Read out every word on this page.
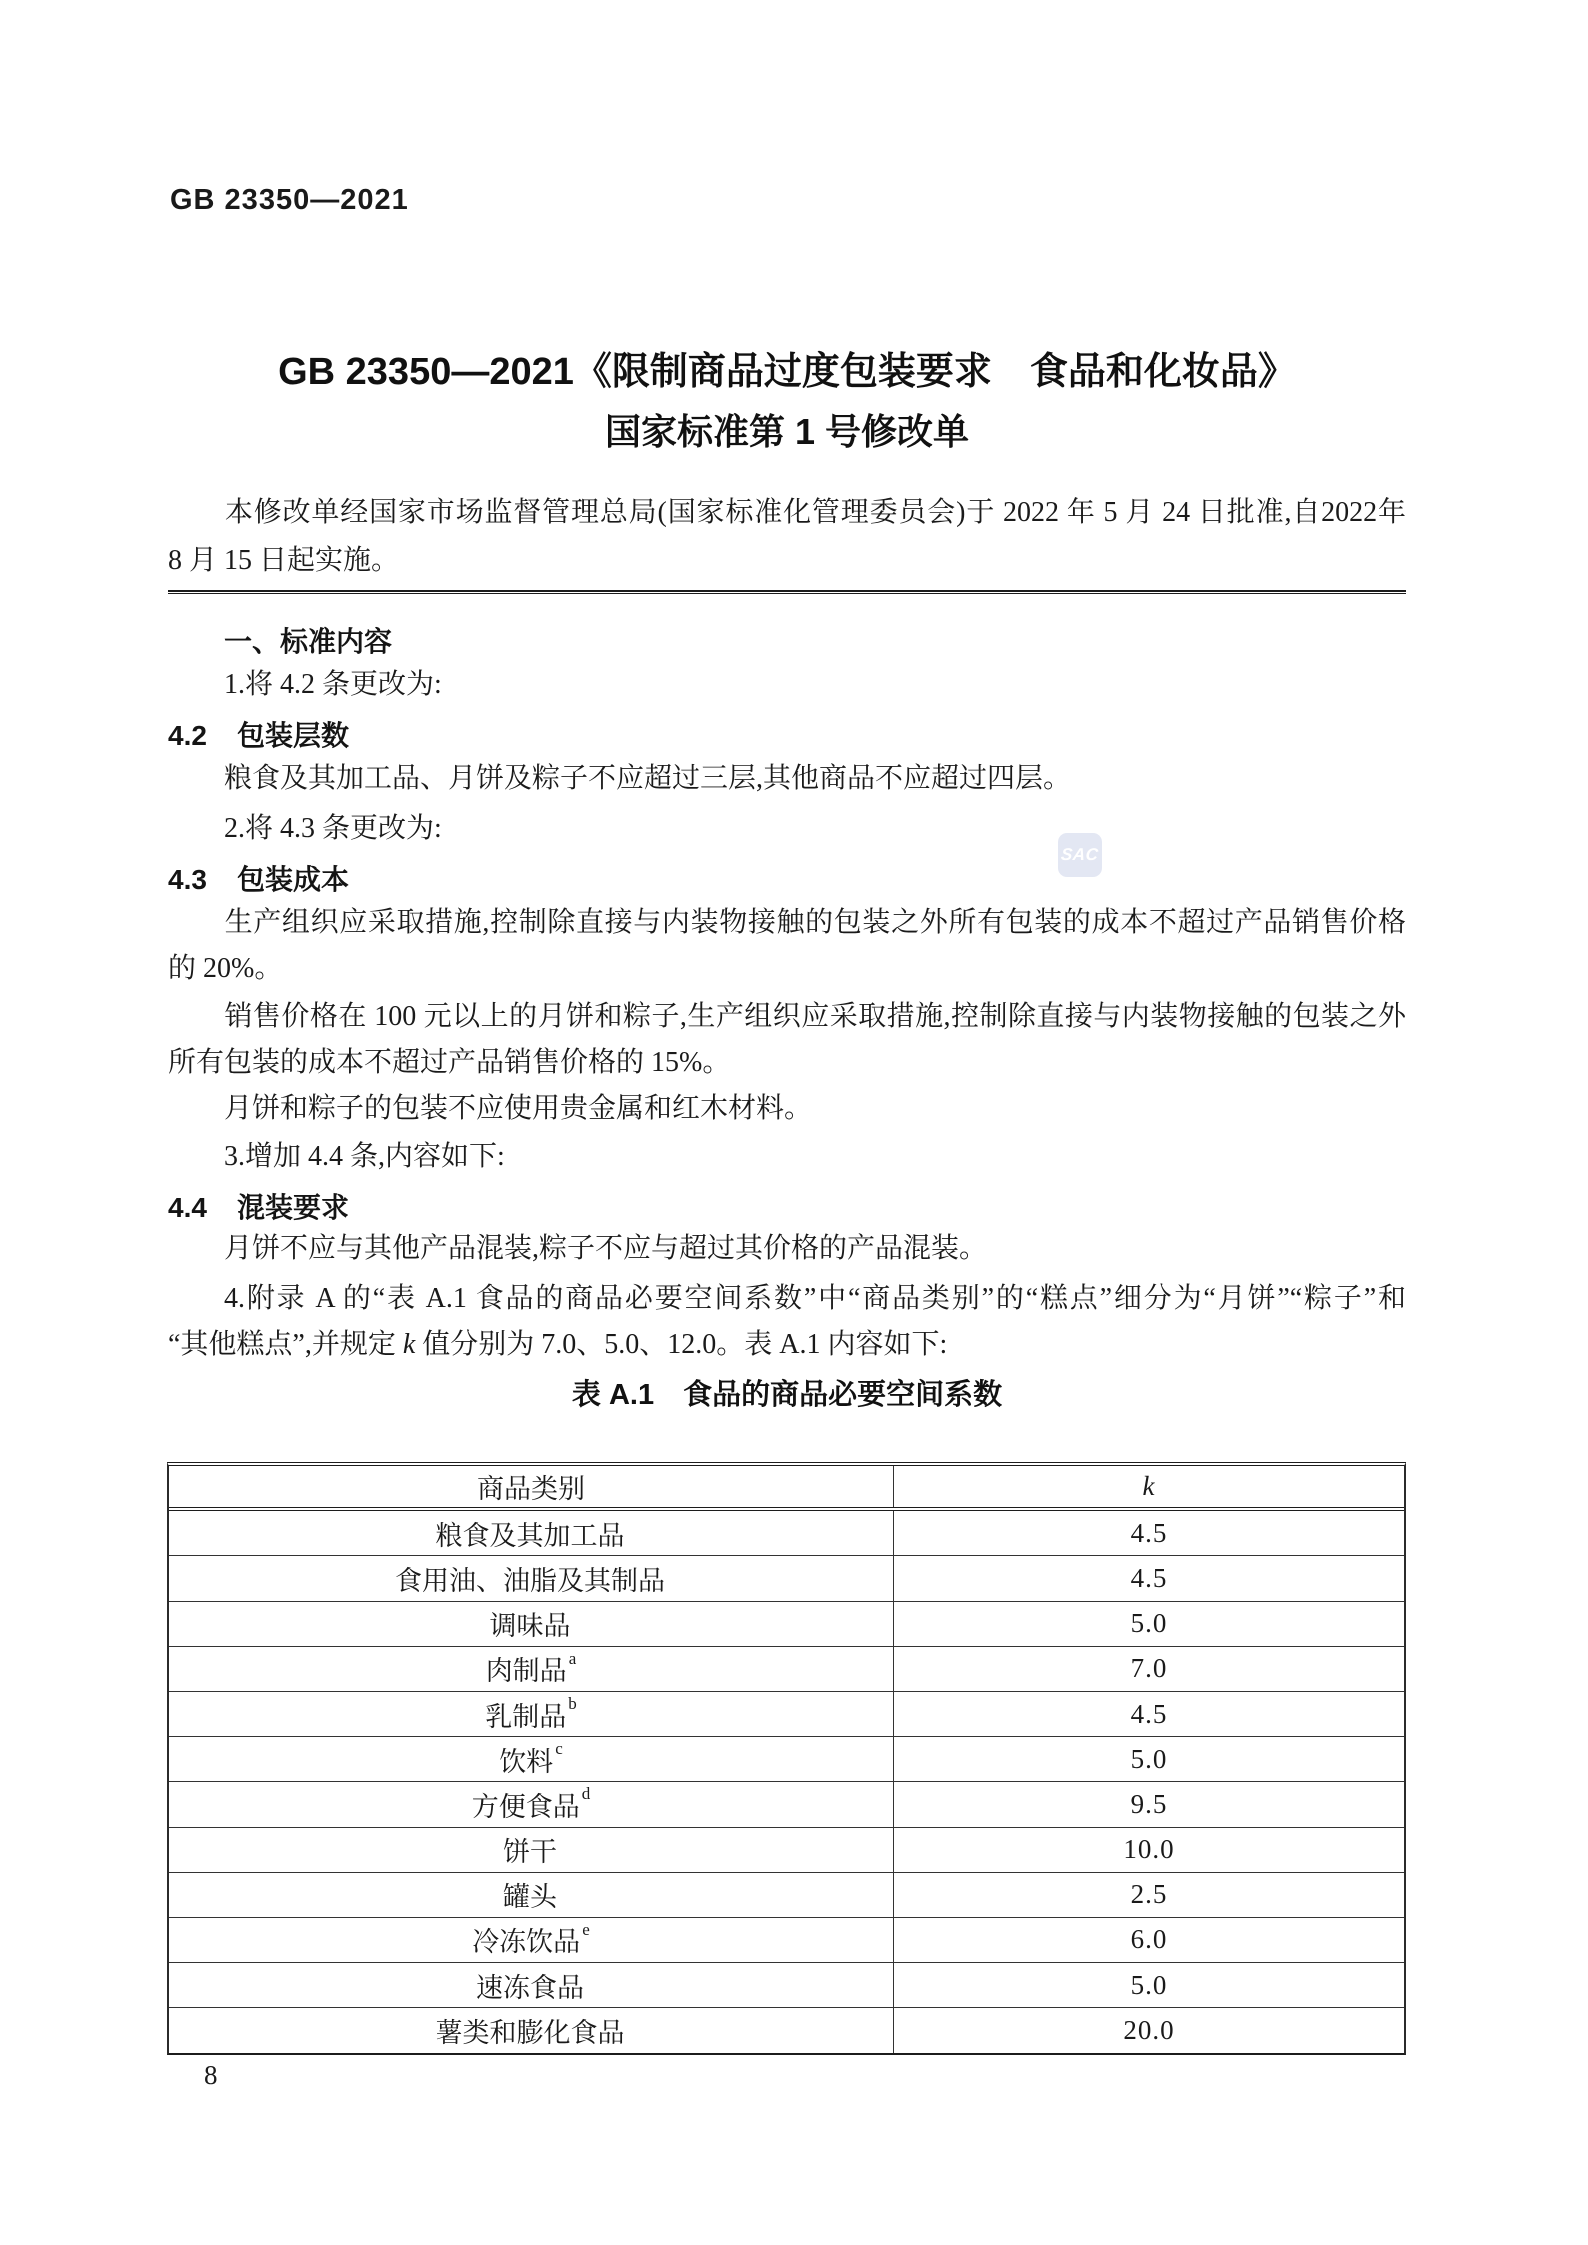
GB 23350—2021
GB 23350—2021《限制商品过度包装要求　食品和化妆品》
国家标准第 1 号修改单
本修改单经国家市场监督管理总局(国家标准化管理委员会)于 2022 年 5 月 24 日批准,自2022年
8 月 15 日起实施。
一、标准内容
1.将 4.2 条更改为:
4.2 包装层数
粮食及其加工品、月饼及粽子不应超过三层,其他商品不应超过四层。
2.将 4.3 条更改为:
4.3 包装成本
生产组织应采取措施,控制除直接与内装物接触的包装之外所有包装的成本不超过产品销售价格
的 20%。
销售价格在 100 元以上的月饼和粽子,生产组织应采取措施,控制除直接与内装物接触的包装之外
所有包装的成本不超过产品销售价格的 15%。
月饼和粽子的包装不应使用贵金属和红木材料。
3.增加 4.4 条,内容如下:
4.4 混装要求
月饼不应与其他产品混装,粽子不应与超过其价格的产品混装。
4.附录 A 的“表 A.1 食品的商品必要空间系数”中“商品类别”的“糕点”细分为“月饼”“粽子”和
“其他糕点”,并规定 k 值分别为 7.0、5.0、12.0。表 A.1 内容如下:
SAC
表 A.1　食品的商品必要空间系数
商品类别	k
粮食及其加工品	4.5
食用油、油脂及其制品	4.5
调味品	5.0
肉制品 a	7.0
乳制品 b	4.5
饮料 c	5.0
方便食品 d	9.5
饼干	10.0
罐头	2.5
冷冻饮品 e	6.0
速冻食品	5.0
薯类和膨化食品	20.0
8
